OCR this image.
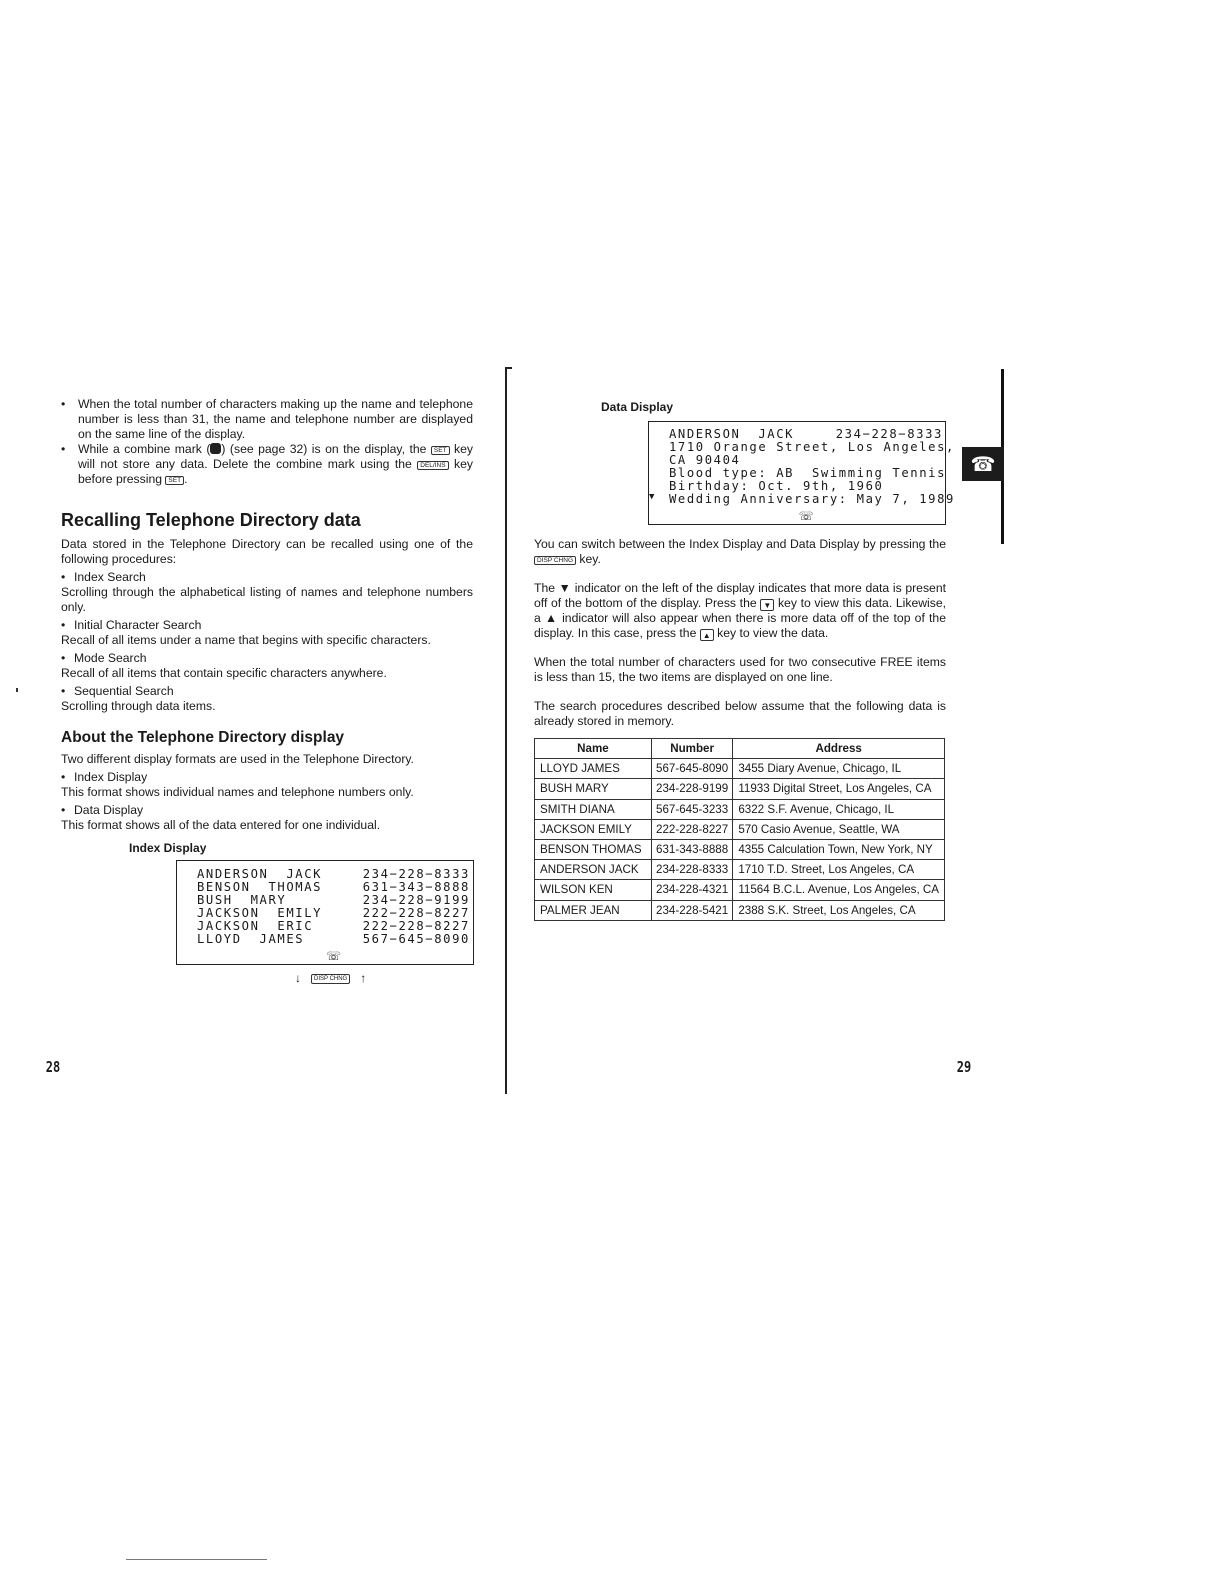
☎
• When the total number of characters making up the name and telephone number is less than 31, the name and telephone number are displayed on the same line of the display.
• While a combine mark ( ) (see page 32) is on the display, the SET key will not store any data. Delete the combine mark using the DEL/INS key before pressing SET .
Recalling Telephone Directory data

Data stored in the Telephone Directory can be recalled using one of the following procedures:

• Index Search

Scrolling through the alphabetical listing of names and telephone numbers only.

• Initial Character Search

Recall of all items under a name that begins with specific characters.

• Mode Search

Recall of all items that contain specific characters anywhere.

• Sequential Search

Scrolling through data items.

About the Telephone Directory display

Two different display formats are used in the Telephone Directory.

• Index Display

This format shows individual names and telephone numbers only.

• Data Display

This format shows all of the data entered for one individual.

Index Display
ANDERSON  JACK	234−228−8333
BENSON  THOMAS	631−343−8888
BUSH  MARY	234−228−9199
JACKSON  EMILY	222−228−8227
JACKSON  ERIC	222−228−8227
LLOYD  JAMES	567−645−8090
☏
↓	DISP CHNG ↑
28
Data Display
ANDERSON  JACK	234−228−8333
1710 Orange Street, Los Angeles,
CA 90404
Blood type: AB  Swimming Tennis
Birthday: Oct. 9th, 1960
Wedding Anniversary: May 7, 1989
▼
☏

You can switch between the Index Display and Data Display by pressing the DISP CHNG key.

The ▼ indicator on the left of the display indicates that more data is present off of the bottom of the display. Press the ▼ key to view this data. Likewise, a ▲ indicator will also appear when there is more data off of the top of the display. In this case, press the ▲ key to view the data.

When the total number of characters used for two consecutive FREE items is less than 15, the two items are displayed on one line.

The search procedures described below assume that the following data is already stored in memory.

Name	Number	Address
LLOYD JAMES	567-645-8090	3455 Diary Avenue, Chicago, IL
BUSH MARY	234-228-9199	11933 Digital Street, Los Angeles, CA
SMITH DIANA	567-645-3233	6322 S.F. Avenue, Chicago, IL
JACKSON EMILY	222-228-8227	570 Casio Avenue, Seattle, WA
BENSON THOMAS	631-343-8888	4355 Calculation Town, New York, NY
ANDERSON JACK	234-228-8333	1710 T.D. Street, Los Angeles, CA
WILSON KEN	234-228-4321	11564 B.C.L. Avenue, Los Angeles, CA
PALMER JEAN	234-228-5421	2388 S.K. Street, Los Angeles, CA
29
